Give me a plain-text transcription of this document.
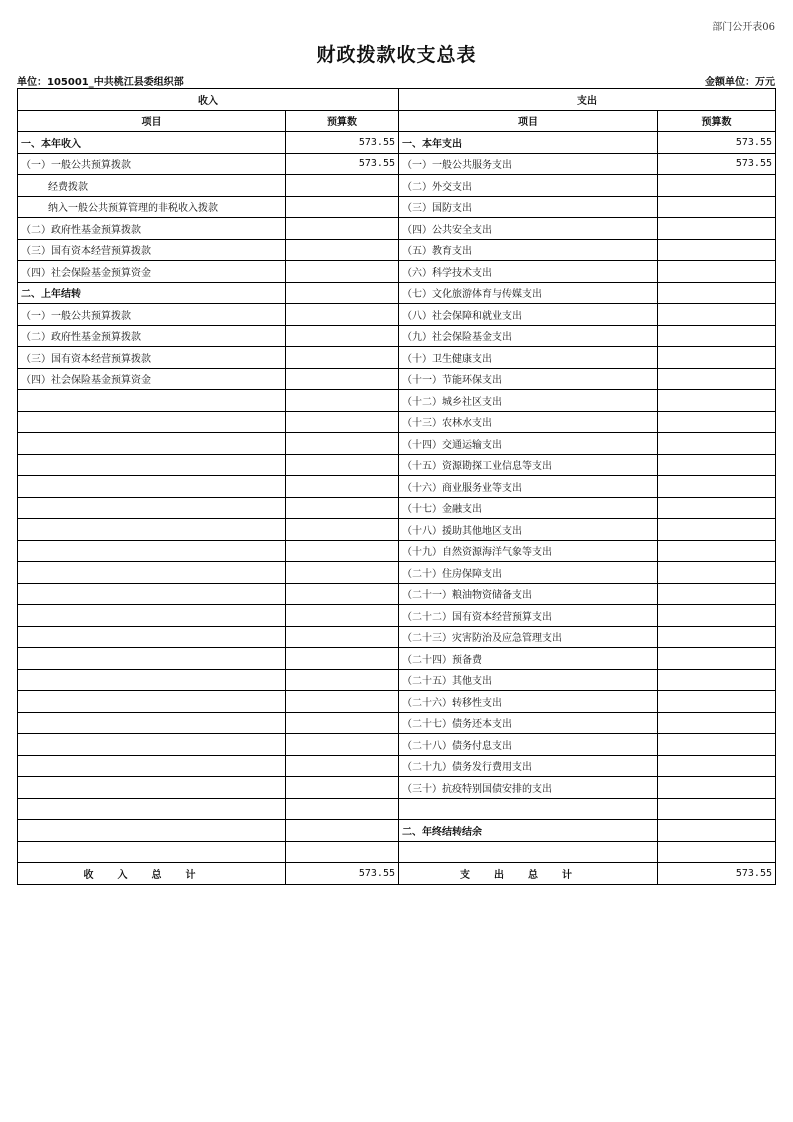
部门公开表06
财政拨款收支总表
单位：105001_中共桃江县委组织部	金额单位：万元
收入		支出	
项目	预算数	项目	预算数
一、本年收入	573.55	一、本年支出	573.55
（一）一般公共预算拨款	573.55	（一）一般公共服务支出	573.55
经费拨款		（二）外交支出	
纳入一般公共预算管理的非税收入拨款		（三）国防支出	
（二）政府性基金预算拨款		（四）公共安全支出	
（三）国有资本经营预算拨款		（五）教育支出	
（四）社会保险基金预算资金		（六）科学技术支出	
二、上年结转		（七）文化旅游体育与传媒支出	
（一）一般公共预算拨款		（八）社会保障和就业支出	
（二）政府性基金预算拨款		（九）社会保险基金支出	
（三）国有资本经营预算拨款		（十）卫生健康支出	
（四）社会保险基金预算资金		（十一）节能环保支出	
		（十二）城乡社区支出	
		（十三）农林水支出	
		（十四）交通运输支出	
		（十五）资源勘探工业信息等支出	
		（十六）商业服务业等支出	
		（十七）金融支出	
		（十八）援助其他地区支出	
		（十九）自然资源海洋气象等支出	
		（二十）住房保障支出	
		（二十一）粮油物资储备支出	
		（二十二）国有资本经营预算支出	
		（二十三）灾害防治及应急管理支出	
		（二十四）预备费	
		（二十五）其他支出	
		（二十六）转移性支出	
		（二十七）债务还本支出	
		（二十八）债务付息支出	
		（二十九）债务发行费用支出	
		（三十）抗疫特别国债安排的支出	

		二、年终结转结余	

收入总计	573.55	支出总计	573.55
